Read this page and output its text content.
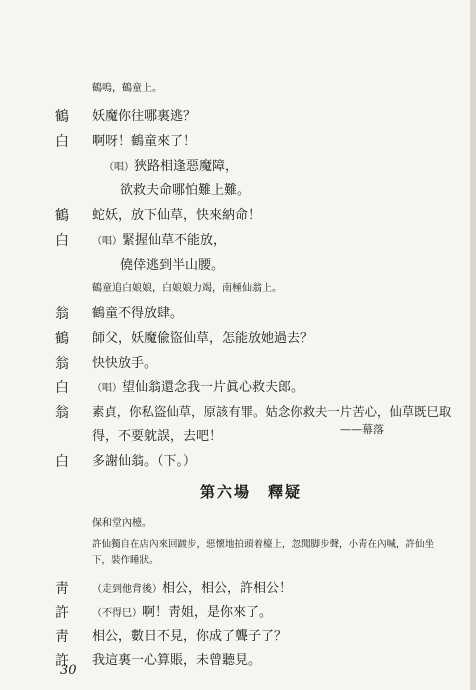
鶴嗚，鶴童上。
鶴 妖魔你往哪裏逃？
白 啊呀！鶴童來了！
（唱）狹路相逢惡魔障，
欲救夫命哪怕難上難。
鶴 蛇妖，放下仙草，快來納命！
白 （唱）緊握仙草不能放，
僥倖逃到半山腰。
鶴童追白娘娘，白娘娘力竭，南極仙翁上。
翁 鶴童不得放肆。
鶴 師父，妖魔偸盜仙草，怎能放她過去？
翁 快快放手。
白 （唱）望仙翁還念我一片眞心救夫郎。
翁 素貞，你私盜仙草，原該有罪。姑念你救夫一片苦心，仙草既巳取
得，不要躭誤，去吧！
白 多謝仙翁。（下。）
——幕落
第六場　釋疑
保和堂內檯。
許仙獨自在店內來回踱步，惡懷地拍頭着檯上，忽聞脚步聲，小靑在內喊，許仙坐
下，裝作睡狀。
靑 （走到他背後）相公，相公，許相公！
許 （不得巳）啊！靑姐，是你來了。
靑 相公，數日不見，你成了聾子了？
許 我這裏一心算賬，未曾聽見。
30
